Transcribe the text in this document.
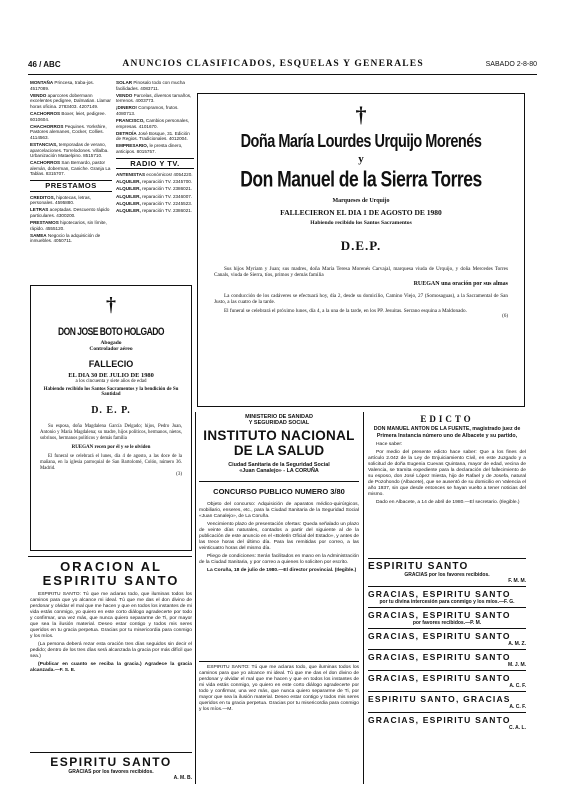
46 / ABC	ANUNCIOS CLASIFICADOS, ESQUELAS Y GENERALES	SABADO 2-8-80

MONTAÑA Princesa, traba-jos. 4517089.

VENDO aparcores dobermann excelentes pedigree, Dalmatian. Llamar horas oficina. 2783403. 4207149.

CACHORROS Boxer, leiet, pedigree. 6010604.

CHACHORROS Pequines. Yorkshire, Pastores alemanes, Cocker, Collies. 4114563.

ESTANCIAS, temporadas de verano, aparcelaciones. Torrelodones. Villalba. Urbanización Mataelpino. 8515710.

CACHORROS San Bernardo, pastor alemán, doberman, Caniche. Granja La Tablas. 8315707.

PRESTAMOS

CREDITOS, hipotecas, letras, personales. 4595880.

LETRAS aceptadas. Descuento rápido particulares. 4300200.

PRESTAMOS hipotecarios, sin límite, rápido. 4555120.

SAMEA Negocio la adquisición de inmuebles. 4050711.

SOLAR Pinosalo todo con mucha facilidades. 4083711.

VENDO Parcelas, diversos tamaños, terrenos. 4003773.

¡DINERO! Compramos, frutos. 4080713.

FRANCISCO, Cambios personales, empresas. 4101670.

DETROÍA José Bosque, 31. Edición de Regios. Tradicionales. 4012004.

EMPRESARIO, le presta dinero, anticipos. 8015757.

RADIO Y TV.

ANTENISTAS económicos! 4054220.

ALQUILER, reparación TV. 2345700.

ALQUILER, reparación TV. 2386021.

ALQUILER, reparación TV. 2346007.

ALQUILER, reparación TV. 2245523.

ALQUILER, reparación TV. 2386021.

†
Doña María Lourdes Urquijo Morenés
y
Don Manuel de la Sierra Torres
Marqueses de Urquijo
FALLECIERON EL DIA 1 DE AGOSTO DE 1980
Habiendo recibido los Santos Sacramentos
D.E.P.
Sus hijos Myriam y Juan; sus madres, doña María Teresa Morenés Carvajal, marquesa viuda de Urquijo, y doña Mercedes Torres Canals, viuda de Sierra, tíos, primos y demás familia
RUEGAN una oración por sus almas
La conducción de los cadáveres se efectuará hoy, día 2, desde su domicilio, Camino Viejo, 27 (Somosaguas), a la Sacramental de San Justo, a las cuatro de la tarde.
El funeral se celebrará el próximo lunes, día 4, a la una de la tarde, en los PP. Jesuitas. Serrano esquina a Maldonado.
(6)
†
DON JOSE BOTO HOLGADO
Abogado
Controlador aéreo
FALLECIO
EL DIA 30 DE JULIO DE 1980
a los cincuenta y siete años de edad
Habiendo recibido los Santos Sacramentos y la bendición de Su Santidad
D. E. P.
Su esposa, doña Magdalena García Delgado; hijos, Pedro Juan, Antonio y María Magdalena; su madre, hijos políticos, hermanos, nietos, sobrinos, hermanos políticos y demás familia
RUEGAN recen por él y se le olviden
El funeral se celebrará el lunes, día 4 de agosto, a las doce de la mañana, en la iglesia parroquial de San Bartolomé, Colón, número 36. Madrid.
(3)
MINISTERIO DE SANIDAD
Y SEGURIDAD SOCIAL
INSTITUTO NACIONAL
DE LA SALUD
Ciudad Sanitaria de la Seguridad Social
«Juan Canalejo» - LA CORUÑA
CONCURSO PUBLICO NUMERO 3/80
Objeto del concurso: Adquisición de aparatos médico-quirúrgicos, mobiliario, enseres, etc., para la Ciudad Sanitaria de la Seguridad Social «Juan Canalejo», de La Coruña.
Vencimiento plazo de presentación ofertas: Queda señalado un plazo de veinte días naturales, contados a partir del siguiente al de la publicación de este anuncio en el «Boletín Oficial del Estado», y antes de las trece horas del último día. Para las remitidas por correo, a las veinticuatro horas del mismo día.
Pliego de condiciones: Serán facilitados en mano en la Administración de la Ciudad Sanitaria, y por correo a quienes lo soliciten por escrito.
La Coruña, 18 de julio de 1980.—El director provincial. (Ilegible.)
ESPIRITU SANTO: Tú que me aclaras todo, que iluminas todos los caminos para que yo alcance mi ideal. Tú que me das el don divino de perdonar y olvidar el mal que me hacen y que en todos los instantes de mi vida estás conmigo, yo quiero en este corto diálogo agradecerte por todo y confirmar, una vez más, que nunca quiero separarme de Ti, por mayor que sea la ilusión material. Deseo estar contigo y todos mis seres queridos en tu gracia perpetua. Gracias por tu misericordia para conmigo y los míos.—M.
EDICTO
DON MANUEL ANTON DE LA FUENTE, magistrado juez de Primera Instancia número uno de Albacete y su partido,
Hace saber:
Por medio del presente edicto hace saber: Que a los fines del artículo 2.042 de la Ley de Enjuiciamiento Civil, en este Juzgado y a solicitud de doña Eugenia Cuevas Quintana, mayor de edad, vecina de Valencia, se tramita expediente para la declaración del fallecimiento de su esposo, don José López Iniesta, hijo de Rafael y de Josefa, natural de Pozohondo (Albacete), que se ausentó de su domicilio en Valencia el año 1937, sin que desde entonces se hayan vuelto a tener noticias del mismo.
Dado en Albacete, a 14 de abril de 1980.—El secretario. (Ilegible.)
ESPIRITU SANTO
GRACIAS por los favores recibidos.
F. M. M.
GRACIAS, ESPIRITU SANTO
por tu divina intercesión para conmigo y los míos.—F. G.
GRACIAS, ESPIRITU SANTO
por favores recibidos.—P. M.
GRACIAS, ESPIRITU SANTO
A. M. Z.
GRACIAS, ESPIRITU SANTO
M. J. M.
GRACIAS, ESPIRITU SANTO
A. C. F.
ESPIRITU SANTO, GRACIAS
A. C. F.
GRACIAS, ESPIRITU SANTO
C. A. L.
ORACION AL
ESPIRITU SANTO
ESPIRITU SANTO: Tú que me aclaras todo, que iluminas todos los caminos para que yo alcance mi ideal. Tú que me das el don divino de perdonar y olvidar el mal que me hacen y que en todos los instantes de mi vida estás conmigo, yo quiero en este corto diálogo agradecerte por todo y confirmar, una vez más, que nunca quiero separarme de Ti, por mayor que sea la ilusión material. Deseo estar contigo y todos mis seres queridos en tu gracia perpetua. Gracias por tu misericordia para conmigo y los míos.
(La persona deberá rezar esta oración tres días seguidos sin decir el pedido; dentro de los tres días será alcanzada la gracia por más difícil que sea.)
(Publicar en cuanto se reciba la gracia.) Agradece la gracia alcanzada.—F. S. E.
ESPIRITU SANTO
GRACIAS por los favores recibidos.
A. M. B.
